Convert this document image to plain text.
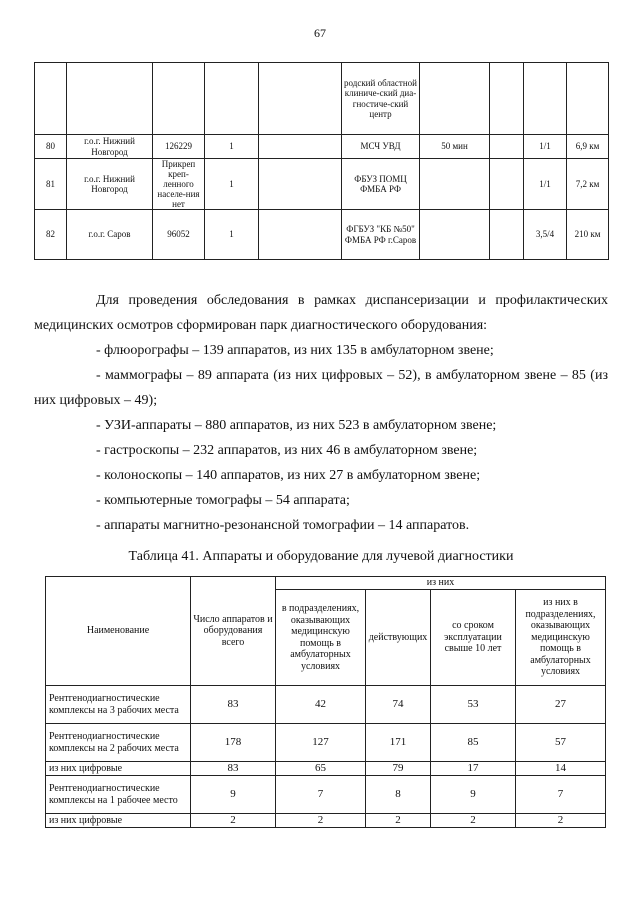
67
					родский областной клиниче-ский диа-гностиче-ский центр				
80	г.о.г. Нижний Новгород	126229	1		МСЧ УВД	50 мин		1/1	6,9 км
81	г.о.г. Нижний Новгород	Прикреп креп-ленного населе-ния нет	1		ФБУЗ ПОМЦ ФМБА РФ			1/1	7,2 км
82	г.о.г. Саров	96052	1		ФГБУЗ "КБ №50" ФМБА РФ г.Саров			3,5/4	210 км

Для проведения обследования в рамках диспансеризации и профилактических медицинских осмотров сформирован парк диагностического оборудования:

- флюорографы – 139 аппаратов, из них 135 в амбулаторном звене;

- маммографы – 89 аппарата (из них цифровых – 52), в амбулаторном звене – 85 (из них цифровых – 49);

- УЗИ-аппараты – 880 аппаратов, из них 523 в амбулаторном звене;

- гастроскопы – 232 аппаратов, из них 46 в амбулаторном звене;

- колоноскопы – 140 аппаратов, из них 27 в амбулаторном звене;

- компьютерные томографы – 54 аппарата;

- аппараты магнитно-резонансной томографии – 14 аппаратов.

Таблица 41. Аппараты и оборудование для лучевой диагностики
Наименование	Число аппаратов и оборудования всего	из них			
		в подразделениях, оказывающих медицинскую помощь в амбулаторных условиях	действующих	со сроком эксплуатации свыше 10 лет	из них в подразделениях, оказывающих медицинскую помощь в амбулаторных условиях
Рентгенодиагностические комплексы на 3 рабочих места	83	42	74	53	27
Рентгенодиагностические комплексы на 2 рабочих места	178	127	171	85	57
из них цифровые	83	65	79	17	14
Рентгенодиагностические комплексы на 1 рабочее место	9	7	8	9	7
из них цифровые	2	2	2	2	2
